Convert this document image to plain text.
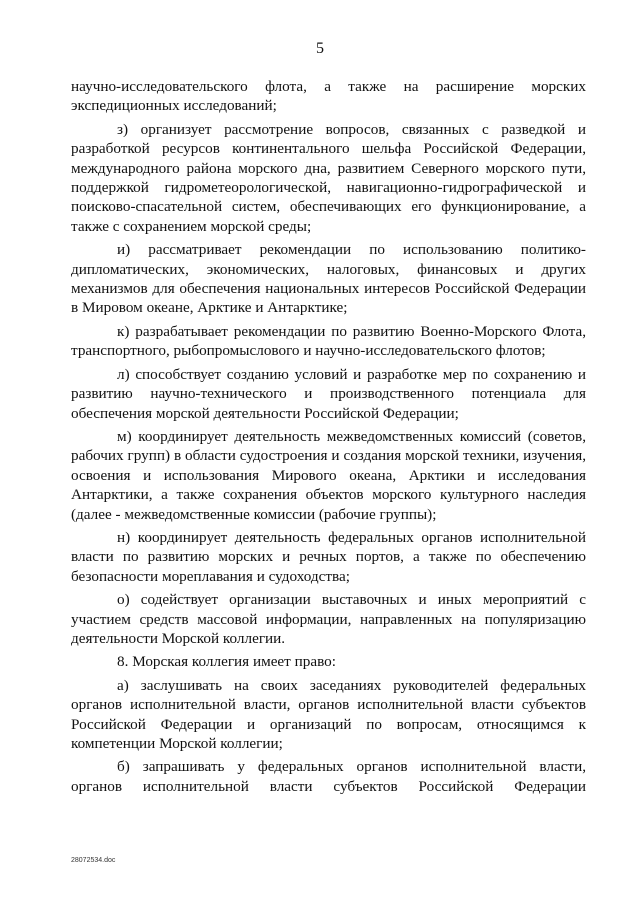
5

научно-исследовательского флота, а также на расширение морских экспедиционных исследований;

з) организует рассмотрение вопросов, связанных с разведкой и разработкой ресурсов континентального шельфа Российской Федерации, международного района морского дна, развитием Северного морского пути, поддержкой гидрометеорологической, навигационно-гидрографической и поисково-спасательной систем, обеспечивающих его функционирование, а также с сохранением морской среды;

и) рассматривает рекомендации по использованию политико-дипломатических, экономических, налоговых, финансовых и других механизмов для обеспечения национальных интересов Российской Федерации в Мировом океане, Арктике и Антарктике;

к) разрабатывает рекомендации по развитию Военно-Морского Флота, транспортного, рыбопромыслового и научно-исследовательского флотов;

л) способствует созданию условий и разработке мер по сохранению и развитию научно-технического и производственного потенциала для обеспечения морской деятельности Российской Федерации;

м) координирует деятельность межведомственных комиссий (советов, рабочих групп) в области судостроения и создания морской техники, изучения, освоения и использования Мирового океана, Арктики и исследования Антарктики, а также сохранения объектов морского культурного наследия (далее - межведомственные комиссии (рабочие группы);

н) координирует деятельность федеральных органов исполнительной власти по развитию морских и речных портов, а также по обеспечению безопасности мореплавания и судоходства;

о) содействует организации выставочных и иных мероприятий с участием средств массовой информации, направленных на популяризацию деятельности Морской коллегии.

8. Морская коллегия имеет право:

а) заслушивать на своих заседаниях руководителей федеральных органов исполнительной власти, органов исполнительной власти субъектов Российской Федерации и организаций по вопросам, относящимся к компетенции Морской коллегии;

б) запрашивать у федеральных органов исполнительной власти, органов исполнительной власти субъектов Российской Федерации

28072534.doc
